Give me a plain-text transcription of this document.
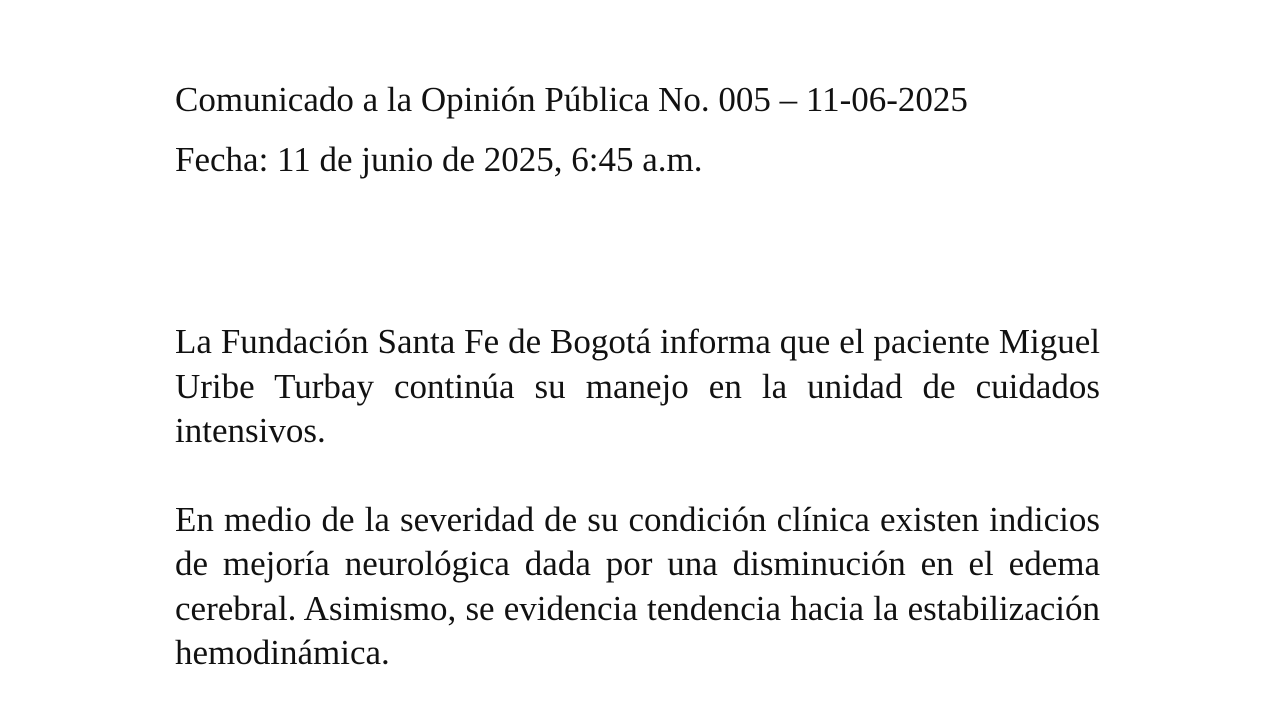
Comunicado a la Opinión Pública No. 005 – 11-06-2025

Fecha: 11 de junio de 2025, 6:45 a.m.

La Fundación Santa Fe de Bogotá informa que el paciente Miguel Uribe Turbay continúa su manejo en la unidad de cuidados intensivos.

En medio de la severidad de su condición clínica existen indicios de mejoría neurológica dada por una disminución en el edema cerebral. Asimismo, se evidencia tendencia hacia la estabilización hemodinámica.
